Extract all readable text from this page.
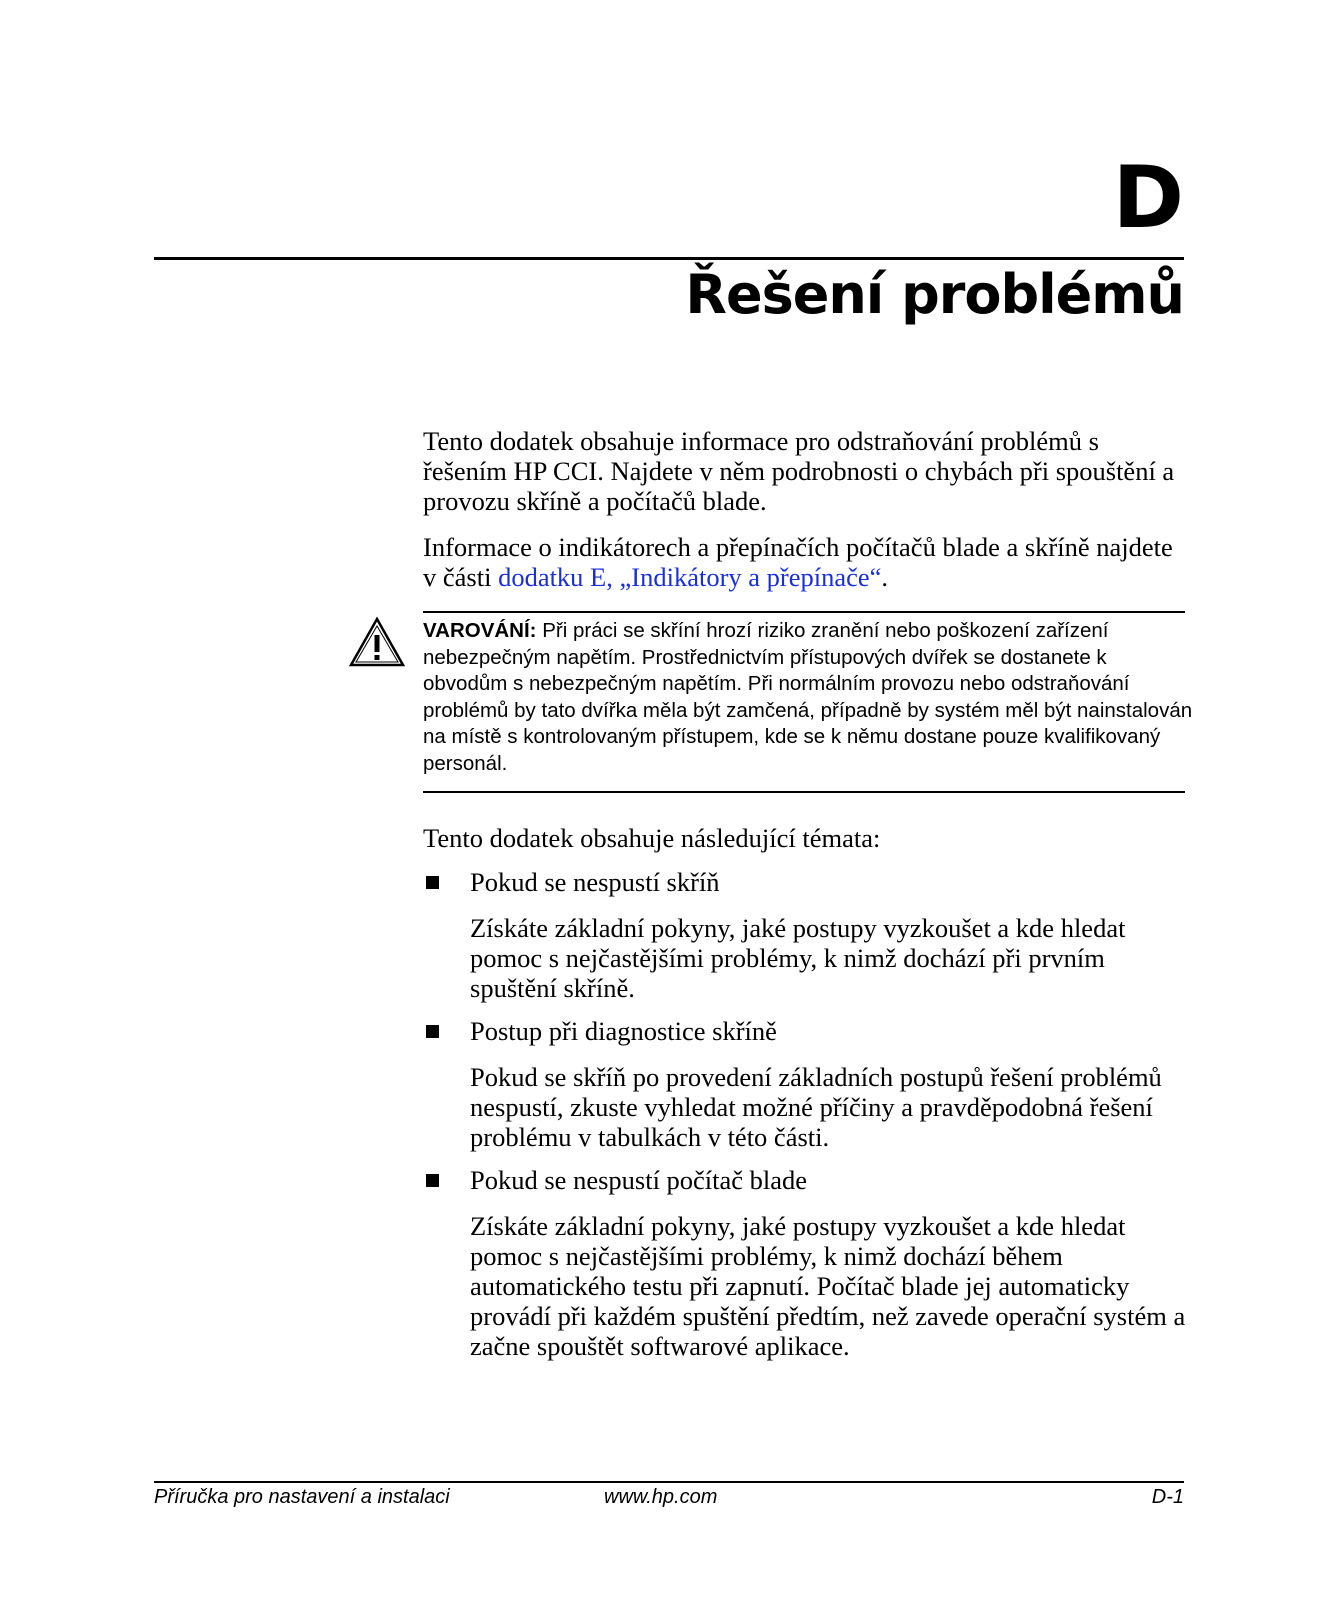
D
Řešení problémů
Tento dodatek obsahuje informace pro odstraňování problémů s řešením HP CCI. Najdete v něm podrobnosti o chybách při spouštění a provozu skříně a počítačů blade.
Informace o indikátorech a přepínačích počítačů blade a skříně najdete v části dodatku E, „Indikátory a přepínače“.
VAROVÁNÍ: Při práci se skříní hrozí riziko zranění nebo poškození zařízení nebezpečným napětím. Prostřednictvím přístupových dvířek se dostanete k obvodům s nebezpečným napětím. Při normálním provozu nebo odstraňování problémů by tato dvířka měla být zamčená, případně by systém měl být nainstalován na místě s kontrolovaným přístupem, kde se k němu dostane pouze kvalifikovaný personál.
Tento dodatek obsahuje následující témata:
Pokud se nespustí skříň
Získáte základní pokyny, jaké postupy vyzkoušet a kde hledat pomoc s nejčastějšími problémy, k nimž dochází při prvním spuštění skříně.
Postup při diagnostice skříně
Pokud se skříň po provedení základních postupů řešení problémů nespustí, zkuste vyhledat možné příčiny a pravděpodobná řešení problému v tabulkách v této části.
Pokud se nespustí počítač blade
Získáte základní pokyny, jaké postupy vyzkoušet a kde hledat pomoc s nejčastějšími problémy, k nimž dochází během automatického testu při zapnutí. Počítač blade jej automaticky provádí při každém spuštění předtím, než zavede operační systém a začne spouštět softwarové aplikace.
Příručka pro nastavení a instalaci	www.hp.com	D-1
